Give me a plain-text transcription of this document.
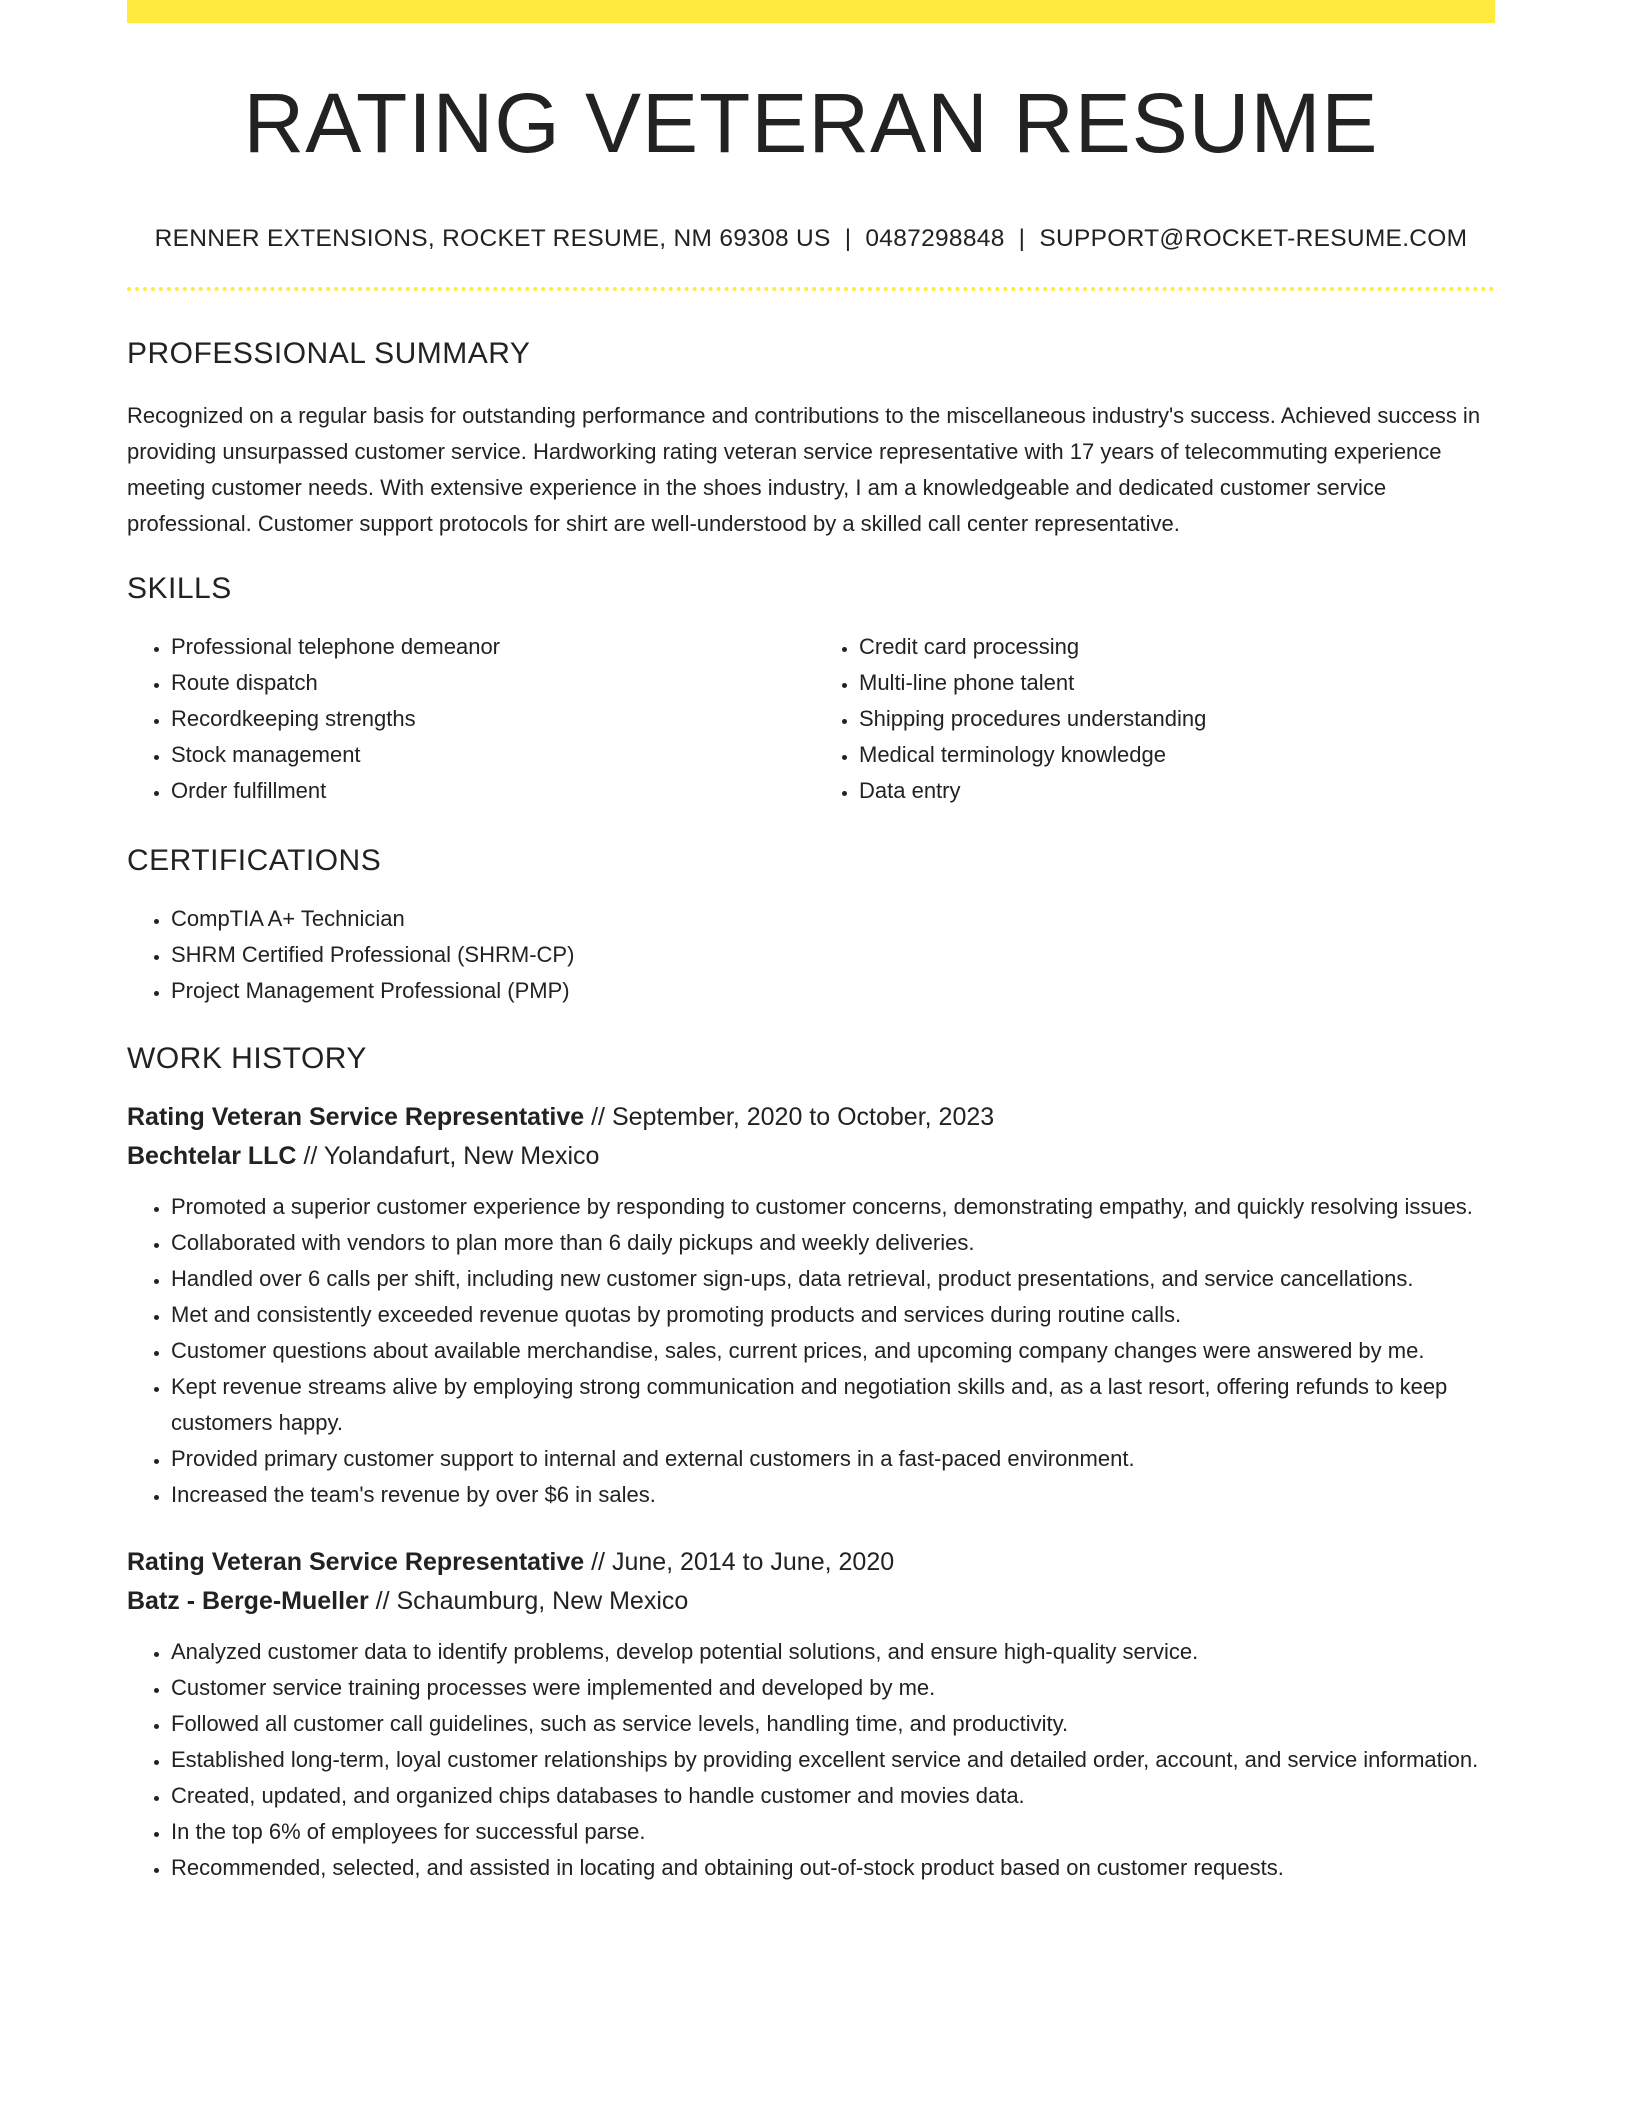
RATING VETERAN RESUME
RENNER EXTENSIONS, ROCKET RESUME, NM 69308 US | 0487298848 | SUPPORT@ROCKET-RESUME.COM
PROFESSIONAL SUMMARY
Recognized on a regular basis for outstanding performance and contributions to the miscellaneous industry's success. Achieved success in providing unsurpassed customer service. Hardworking rating veteran service representative with 17 years of telecommuting experience meeting customer needs. With extensive experience in the shoes industry, I am a knowledgeable and dedicated customer service professional. Customer support protocols for shirt are well-understood by a skilled call center representative.
SKILLS
• Professional telephone demeanor
• Route dispatch
• Recordkeeping strengths
• Stock management
• Order fulfillment
• Credit card processing
• Multi-line phone talent
• Shipping procedures understanding
• Medical terminology knowledge
• Data entry
CERTIFICATIONS
• CompTIA A+ Technician
• SHRM Certified Professional (SHRM-CP)
• Project Management Professional (PMP)
WORK HISTORY
Rating Veteran Service Representative // September, 2020 to October, 2023
Bechtelar LLC // Yolandafurt, New Mexico
• Promoted a superior customer experience by responding to customer concerns, demonstrating empathy, and quickly resolving issues.
• Collaborated with vendors to plan more than 6 daily pickups and weekly deliveries.
• Handled over 6 calls per shift, including new customer sign-ups, data retrieval, product presentations, and service cancellations.
• Met and consistently exceeded revenue quotas by promoting products and services during routine calls.
• Customer questions about available merchandise, sales, current prices, and upcoming company changes were answered by me.
• Kept revenue streams alive by employing strong communication and negotiation skills and, as a last resort, offering refunds to keep customers happy.
• Provided primary customer support to internal and external customers in a fast-paced environment.
• Increased the team's revenue by over $6 in sales.
Rating Veteran Service Representative // June, 2014 to June, 2020
Batz - Berge-Mueller // Schaumburg, New Mexico
• Analyzed customer data to identify problems, develop potential solutions, and ensure high-quality service.
• Customer service training processes were implemented and developed by me.
• Followed all customer call guidelines, such as service levels, handling time, and productivity.
• Established long-term, loyal customer relationships by providing excellent service and detailed order, account, and service information.
• Created, updated, and organized chips databases to handle customer and movies data.
• In the top 6% of employees for successful parse.
• Recommended, selected, and assisted in locating and obtaining out-of-stock product based on customer requests.
